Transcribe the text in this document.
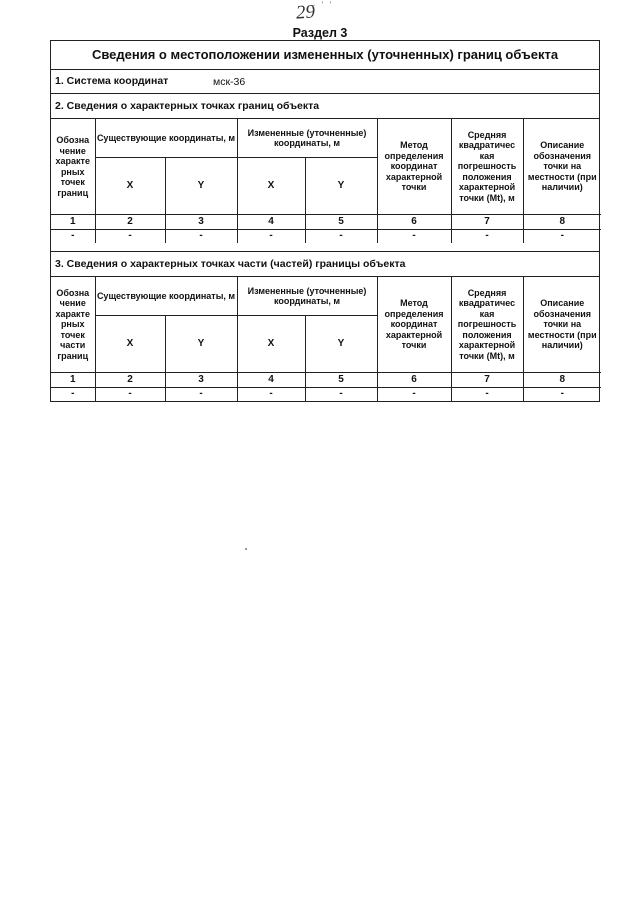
29
- ' '
Раздел 3
Сведения о местоположении измененных (уточненных) границ объекта
1. Система координат	мск-36
2. Сведения о характерных точках границ объекта
Обозна чение характе рных точек границ	Существующие координаты, м		Измененные (уточненные) координаты, м		Метод определения координат характерной точки	Средняя квадратичес кая погрешность положения характерной точки (Mt), м	Описание обозначения точки на местности (при наличии)
	X	Y	X	Y			
1	2	3	4	5	6	7	8
-	-	-	-	-	-	-	-
3. Сведения о характерных точках части (частей) границы объекта
Обозна чение характе рных точек части границ	Существующие координаты, м		Измененные (уточненные) координаты, м		Метод определения координат характерной точки	Средняя квадратичес кая погрешность положения характерной точки (Mt), м	Описание обозначения точки на местности (при наличии)
	X	Y	X	Y			
1	2	3	4	5	6	7	8
-	-	-	-	-	-	-	-
